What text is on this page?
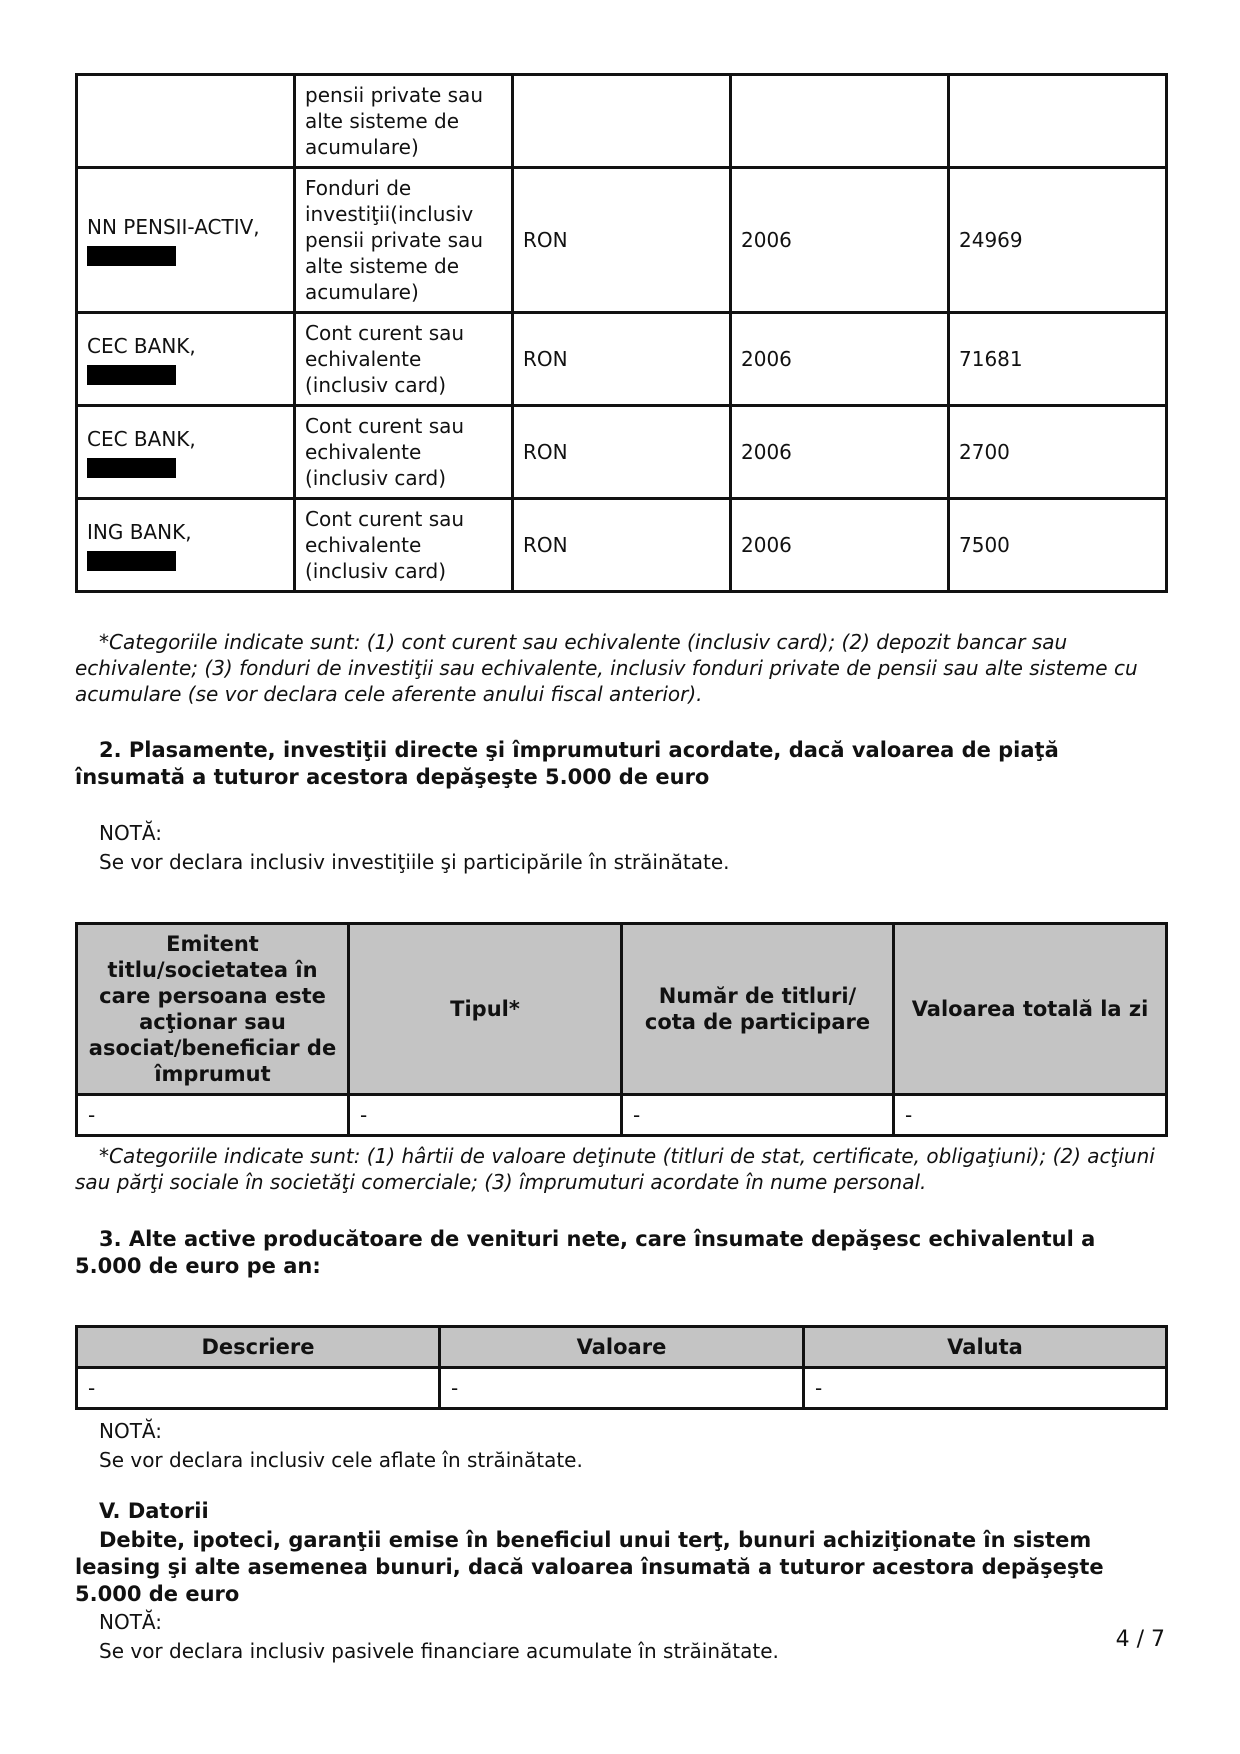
	pensii private sau alte sisteme de acumulare)			
NN PENSII-ACTIV,	Fonduri de investiţii(inclusiv pensii private sau alte sisteme de acumulare)	RON	2006	24969
CEC BANK,	Cont curent sau echivalente (inclusiv card)	RON	2006	71681
CEC BANK,	Cont curent sau echivalente (inclusiv card)	RON	2006	2700
ING BANK,	Cont curent sau echivalente (inclusiv card)	RON	2006	7500

*Categoriile indicate sunt: (1) cont curent sau echivalente (inclusiv card); (2) depozit bancar sau echivalente; (3) fonduri de investiţii sau echivalente, inclusiv fonduri private de pensii sau alte sisteme cu acumulare (se vor declara cele aferente anului fiscal anterior).

2. Plasamente, investiţii directe şi împrumuturi acordate, dacă valoarea de piaţă însumată a tuturor acestora depăşeşte 5.000 de euro

NOTĂ:

Se vor declara inclusiv investiţiile şi participările în străinătate.

Emitent titlu/societatea în care persoana este acţionar sau asociat/beneficiar de împrumut	Tipul*	Număr de titluri/ cota de participare	Valoarea totală la zi
-	-	-	-

*Categoriile indicate sunt: (1) hârtii de valoare deţinute (titluri de stat, certificate, obligaţiuni); (2) acţiuni sau părţi sociale în societăţi comerciale; (3) împrumuturi acordate în nume personal.

3. Alte active producătoare de venituri nete, care însumate depăşesc echivalentul a 5.000 de euro pe an:

Descriere	Valoare	Valuta
-	-	-

NOTĂ:

Se vor declara inclusiv cele aflate în străinătate.

V. Datorii

Debite, ipoteci, garanţii emise în beneficiul unui terţ, bunuri achiziţionate în sistem leasing şi alte asemenea bunuri, dacă valoarea însumată a tuturor acestora depăşeşte 5.000 de euro

NOTĂ:

Se vor declara inclusiv pasivele financiare acumulate în străinătate.	4 / 7
